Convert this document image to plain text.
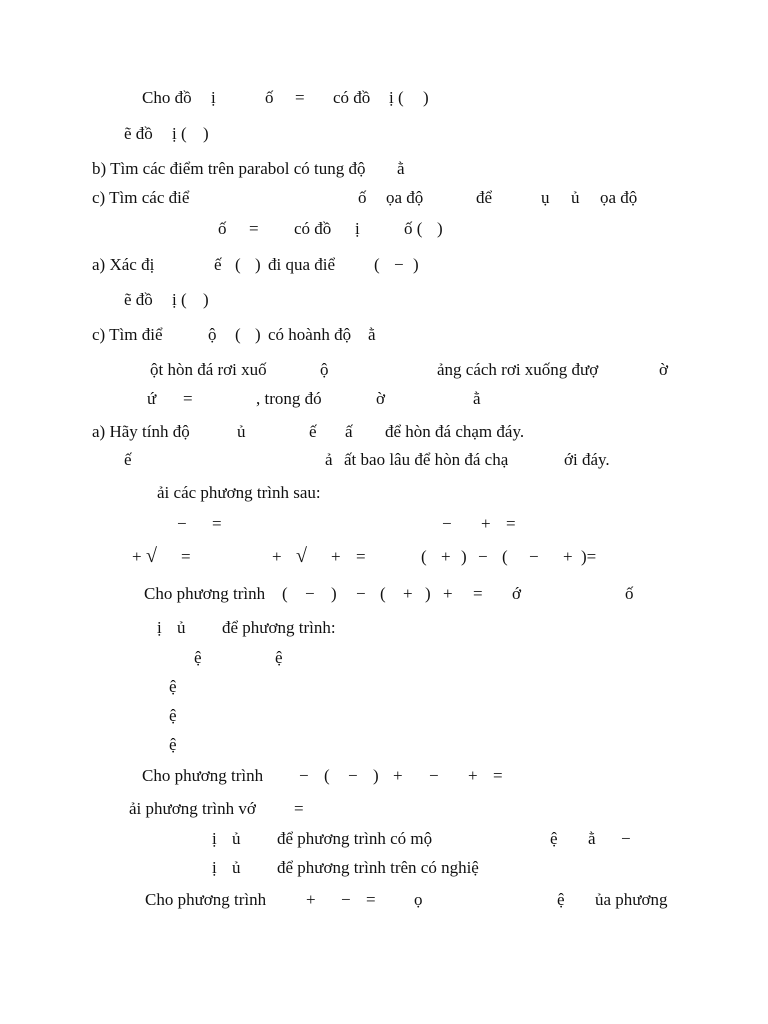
Cho đồ ị	ố = có đồ ị ( )
ẽ đồ ị ( )
b) Tìm các điểm trên parabol có tung độ ằ
c) Tìm các điể	ố ọa độ	để	ụ ủ ọa độ
ố = có đồ ị	ố ( )
a) Xác đị	ế ( ) đi qua điể ( − )
ẽ đồ ị ( )
c) Tìm điể	ộ ( ) có hoành độ ằ
ột hòn đá rơi xuố	ộ	ảng cách rơi xuống đượ	ờ
ứ =	, trong đó	ờ	ằ
a) Hãy tính độ	ủ	ế ấ để hòn đá chạm đáy.
ế	ả ất bao lâu để hòn đá chạ	ới đáy.
ải các phương trình sau:
− =	− + =
+ √ =	+ √ + =	( + ) − ( − + )=
Cho phương trình ( − ) − ( + ) + = ớ	ố
ị ủ để phương trình:
ệ	ệ
ệ
ệ
ệ
Cho phương trình − ( − ) + − + =
ải phương trình vớ =
ị ủ để phương trình có mộ	ệ ằ −
ị ủ để phương trình trên có nghiệ
Cho phương trình + − = ọ	ệ ủa phương
